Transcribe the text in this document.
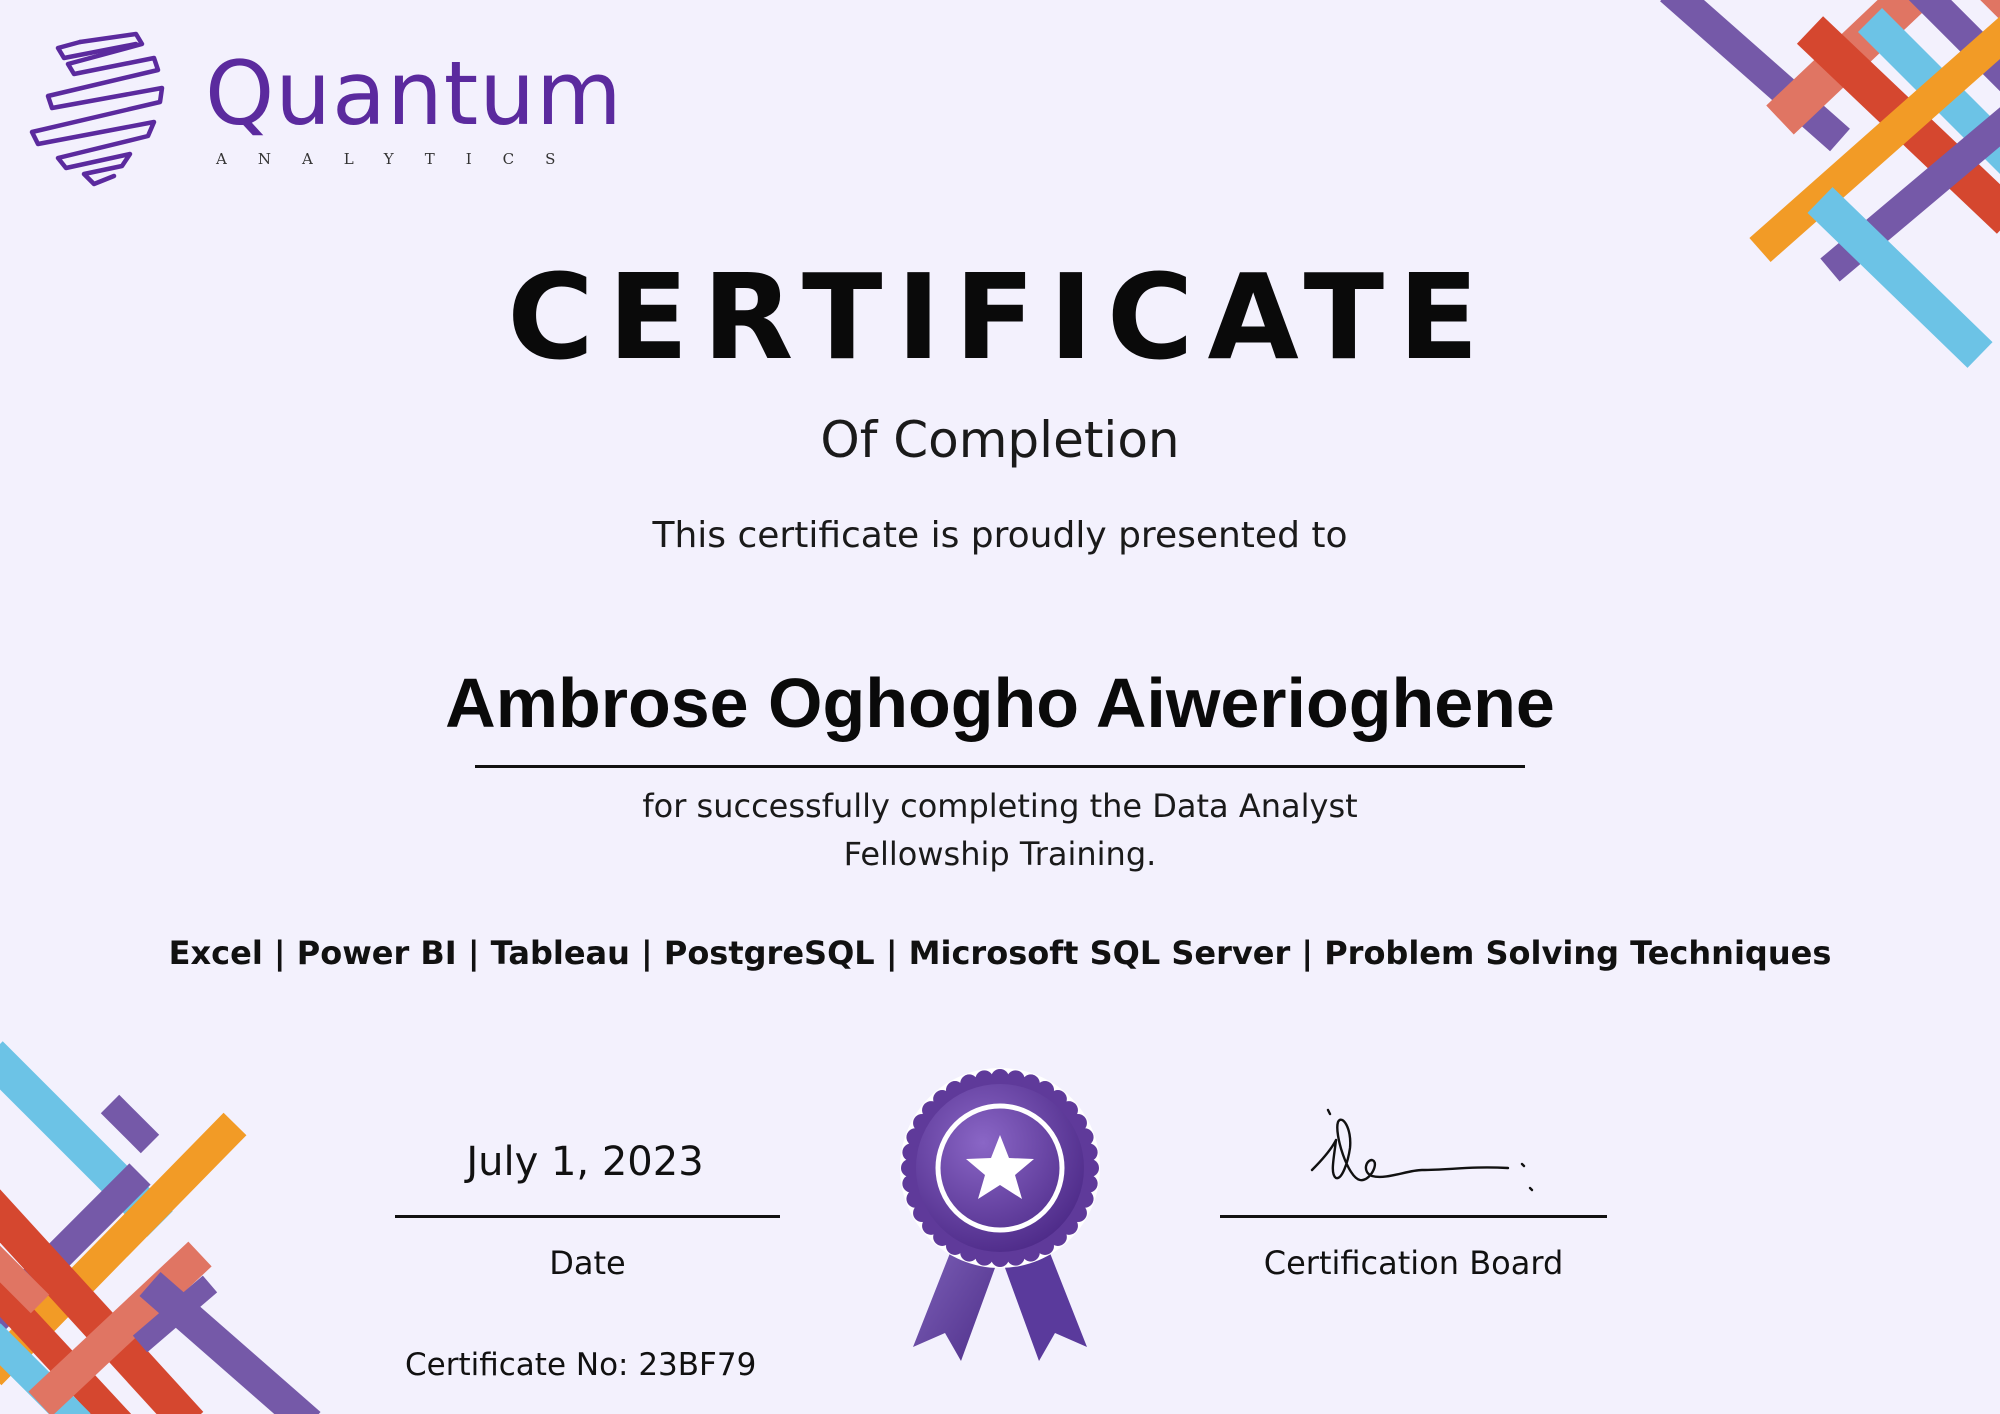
Quantum
ANALYTICS
CERTIFICATE
Of Completion
This certificate is proudly presented to
Ambrose Oghogho Aiwerioghene
for successfully completing the Data Analyst
Fellowship Training.
Excel | Power BI | Tableau | PostgreSQL | Microsoft SQL Server | Problem Solving Techniques
July 1, 2023
Date
Certificate No: 23BF79
Certification Board
